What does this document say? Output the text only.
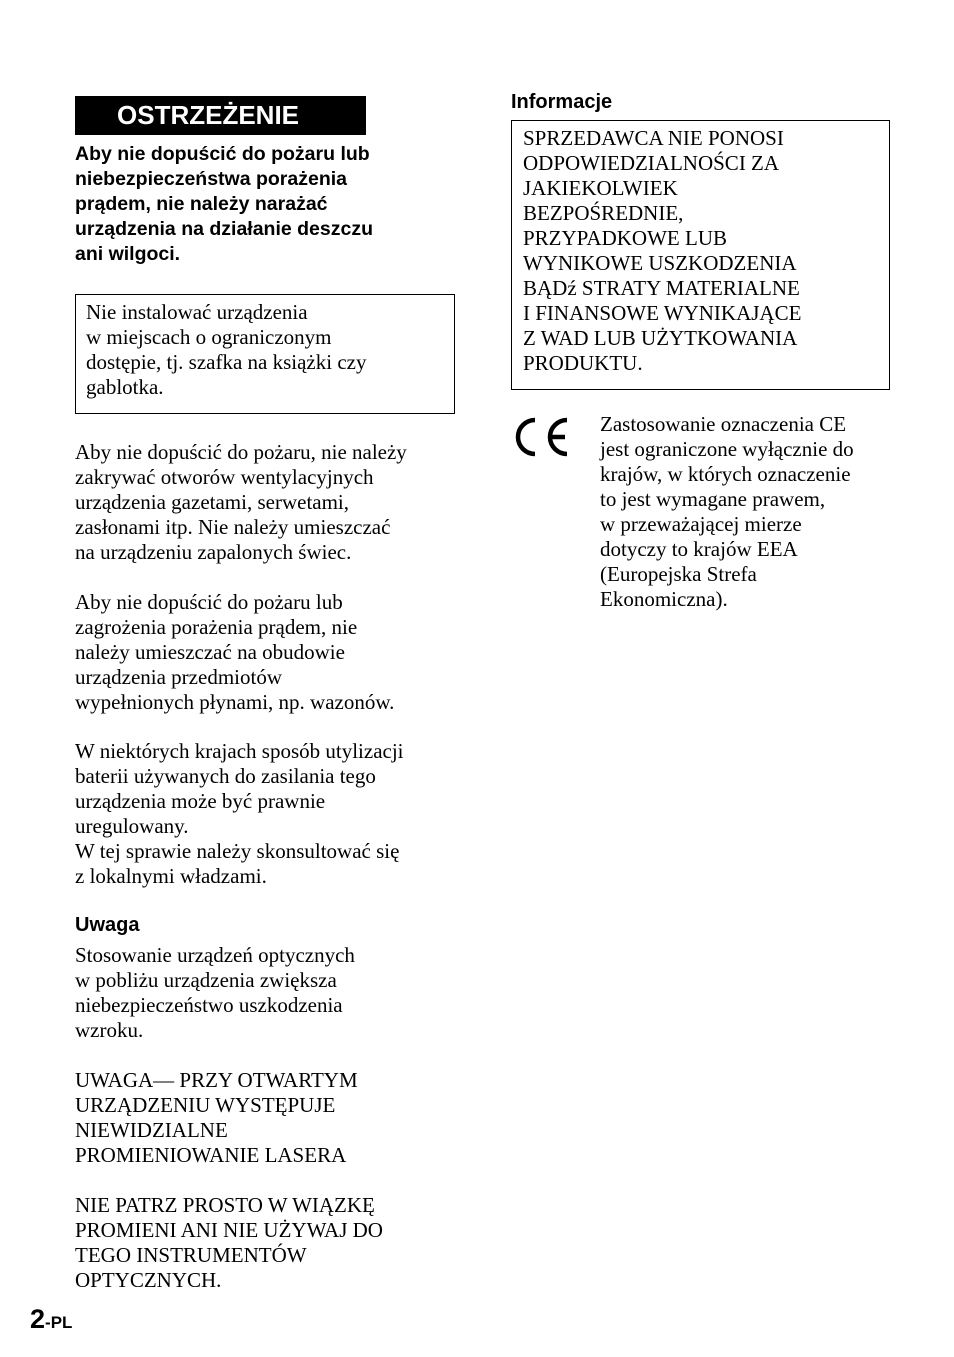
OSTRZEŻENIE

Aby nie dopuścić do pożaru lub
niebezpieczeństwa porażenia
prądem, nie należy narażać
urządzenia na działanie deszczu
ani wilgoci.

Nie instalować urządzenia
w miejscach o ograniczonym
dostępie, tj. szafka na książki czy
gablotka.

Aby nie dopuścić do pożaru, nie należy
zakrywać otworów wentylacyjnych
urządzenia gazetami, serwetami,
zasłonami itp. Nie należy umieszczać
na urządzeniu zapalonych świec.

Aby nie dopuścić do pożaru lub
zagrożenia porażenia prądem, nie
należy umieszczać na obudowie
urządzenia przedmiotów
wypełnionych płynami, np. wazonów.

W niektórych krajach sposób utylizacji
baterii używanych do zasilania tego
urządzenia może być prawnie
uregulowany.
W tej sprawie należy skonsultować się
z lokalnymi władzami.

Uwaga

Stosowanie urządzeń optycznych
w pobliżu urządzenia zwiększa
niebezpieczeństwo uszkodzenia
wzroku.

UWAGA— PRZY OTWARTYM
URZĄDZENIU WYSTĘPUJE
NIEWIDZIALNE
PROMIENIOWANIE LASERA

NIE PATRZ PROSTO W WIĄZKĘ
PROMIENI ANI NIE UŻYWAJ DO
TEGO INSTRUMENTÓW
OPTYCZNYCH.

Informacje

SPRZEDAWCA NIE PONOSI
ODPOWIEDZIALNOŚCI ZA
JAKIEKOLWIEK
BEZPOŚREDNIE,
PRZYPADKOWE LUB
WYNIKOWE USZKODZENIA
BĄDź STRATY MATERIALNE
I FINANSOWE WYNIKAJĄCE
Z WAD LUB UŻYTKOWANIA
PRODUKTU.

Zastosowanie oznaczenia CE
jest ograniczone wyłącznie do
krajów, w których oznaczenie
to jest wymagane prawem,
w przeważającej mierze
dotyczy to krajów EEA
(Europejska Strefa
Ekonomiczna).

2-PL
